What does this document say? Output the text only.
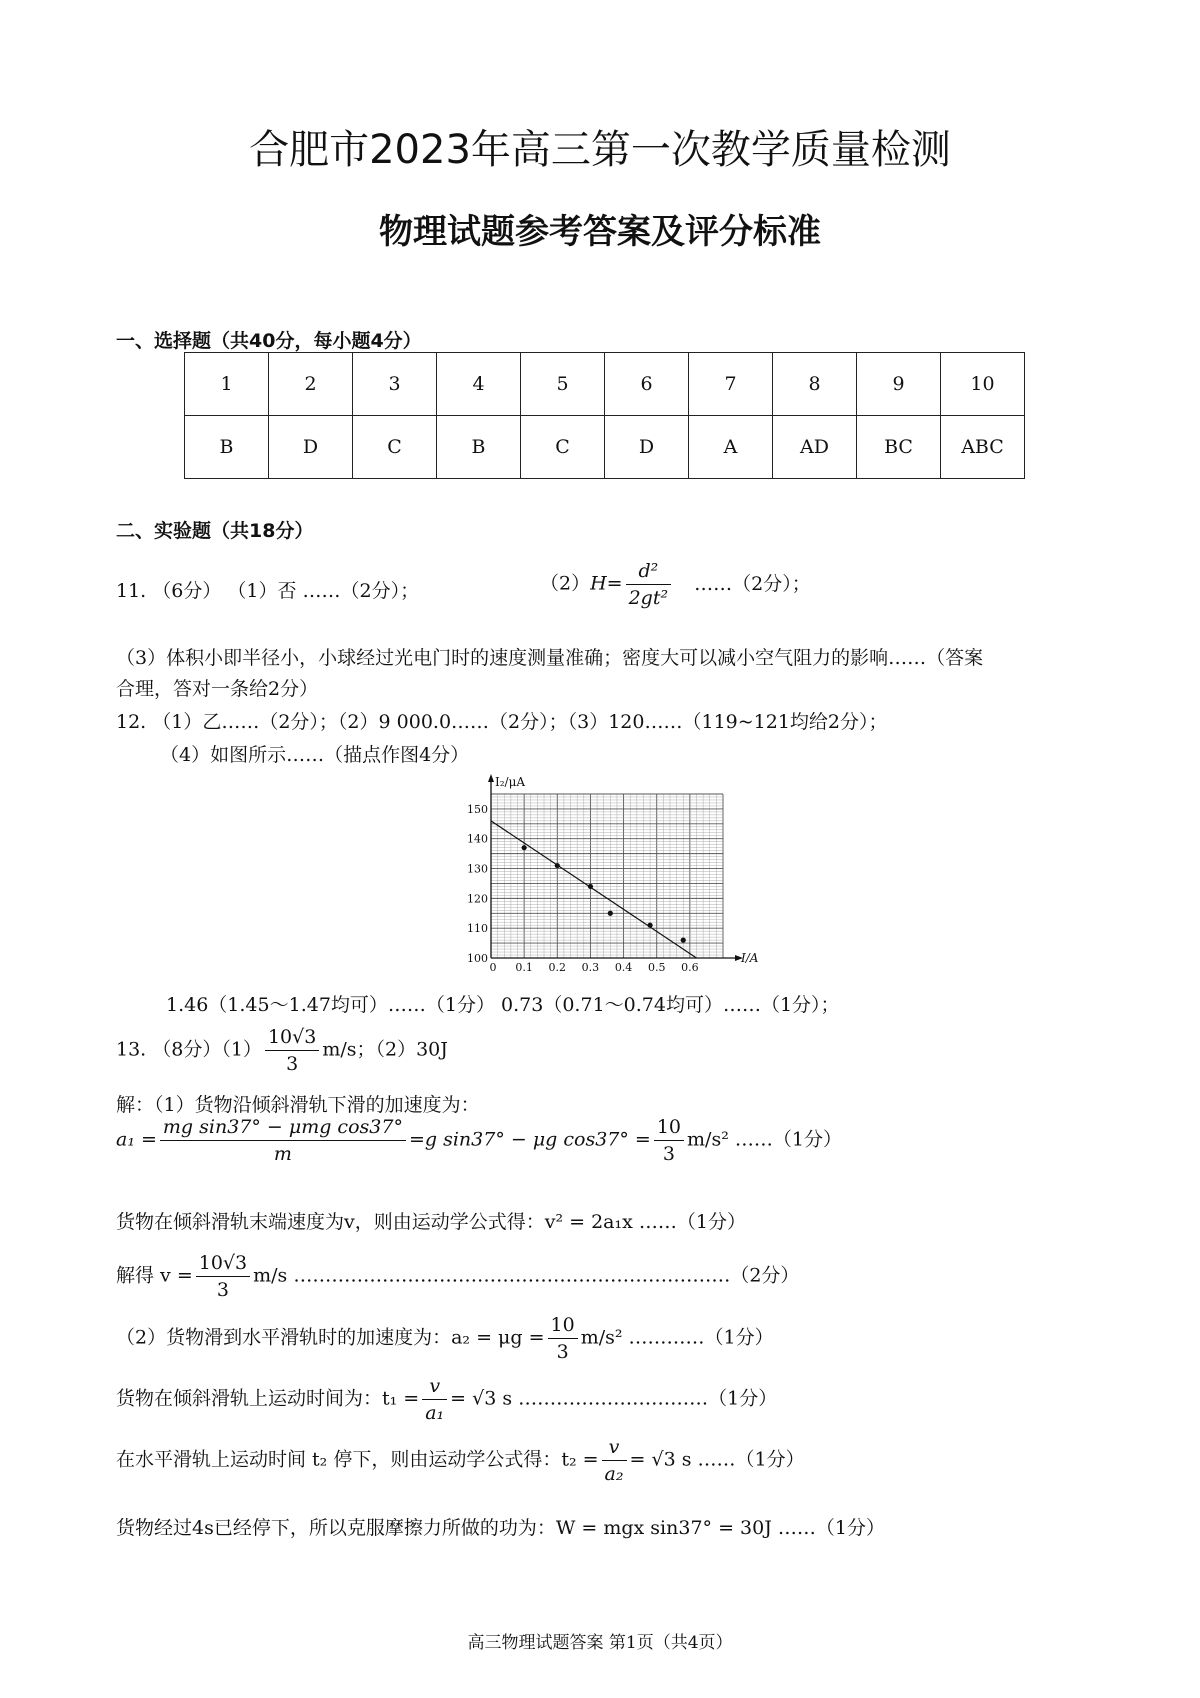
合肥市2023年高三第一次教学质量检测
物理试题参考答案及评分标准
一、选择题（共40分，每小题4分）
1	2	3	4	5	6	7	8	9	10
B	D	C	B	C	D	A	AD	BC	ABC
二、实验题（共18分）
11. （6分） （1）否 ……（2分）；	$(2)H= \frac{\text{d²}}{\text{2gt²}}$ ……（2分）；
（3）体积小即半径小，小球经过光电门时的速度测量准确；密度大可以减小空气阻力的影响……（答案
合理，答对一条给2分）
12. （1）乙……（2分）；（2）9 000.0……（2分）；（3）120……（119~121均给2分）；
（4）如图所示……（描点作图4分）
0 0.1 0.2 0.3 0.4 0.5 0.6
100
110
120
130
140
150
I/A
I₂/μA
1.46（1.45～1.47均可）……（1分） 0.73（0.71～0.74均可）……（1分）；
13. （8分）$(1) \frac{10√3}{3} m/s$；（2）30J
解：（1）货物沿倾斜滑轨下滑的加速度为：
$a_1 = \frac{\text{mg sin37° − μmg cos37°}}{m} =g$ sin37° − μg $\cos 37^\circ = \frac{10}{3} m/s^2$ ……（1分）
货物在倾斜滑轨末端速度为v，则由运动学公式得：v² = 2a₁x ……（1分）
解得 $v = \frac{10√3}{3} m/s$ ……………………………………………………………（2分）
（2）货物滑到水平滑轨时的加速度为：$a_2 = \mu g = \frac{10}{3} m/s^2$ …………（1分）
货物在倾斜滑轨上运动时间为：$t_1 = \frac{v}{\text{a₁}} = √3$ s …………………………（1分）
在水平滑轨上运动时间 t₂ 停下，则由运动学公式得：$t_2 = \frac{v}{\text{a₂}} = √3$ s ……（1分）
货物经过4s已经停下，所以克服摩擦力所做的功为：W = mgx sin37° = 30J ……（1分）
高三物理试题答案 第1页（共4页）
